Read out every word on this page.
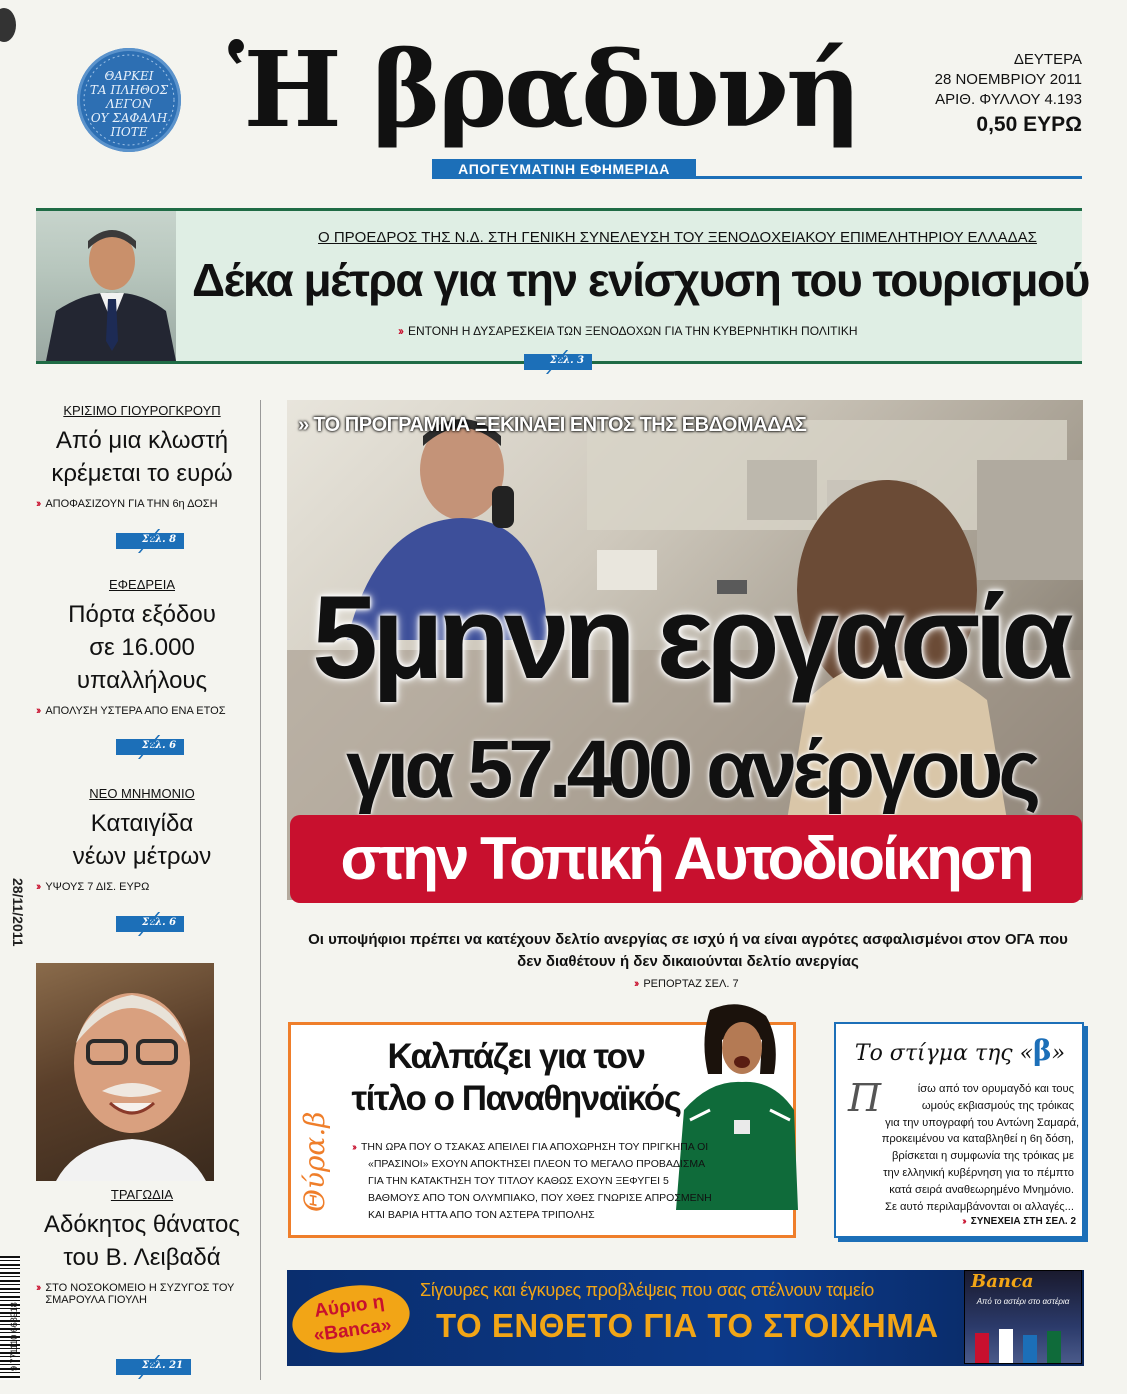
ΘΑΡΚΕΙ
ΤΑ ΠΛΗΘΟΣ
ΛΕΓΟΝ
ΟΥ ΣΑΦΑΛΗ
ΠΟΤΕ Ἡ βραδυνή
ΑΠΟΓΕΥΜΑΤΙΝΗ ΕΦΗΜΕΡΙΔΑ
ΔΕΥΤΕΡΑ
28 ΝΟΕΜΒΡΙΟΥ 2011
ΑΡΙΘ. ΦΥΛΛΟΥ 4.193
0,50 ΕΥΡΩ
Ο ΠΡΟΕΔΡΟΣ ΤΗΣ Ν.Δ. ΣΤΗ ΓΕΝΙΚΗ ΣΥΝΕΛΕΥΣΗ ΤΟΥ ΞΕΝΟΔΟΧΕΙΑΚΟΥ ΕΠΙΜΕΛΗΤΗΡΙΟΥ ΕΛΛΑΔΑΣ
Δέκα μέτρα για την ενίσχυση του τουρισμού
›› ΕΝΤΟΝΗ Η ΔΥΣΑΡΕΣΚΕΙΑ ΤΩΝ ΞΕΝΟΔΟΧΩΝ ΓΙΑ ΤΗΝ ΚΥΒΕΡΝΗΤΙΚΗ ΠΟΛΙΤΙΚΗ
Σελ. 3
28/11/2011
ΚΡΙΣΙΜΟ ΓΙΟΥΡΟΓΚΡΟΥΠ
Από μια κλωστή
κρέμεται το ευρώ
›› ΑΠΟΦΑΣΙΖΟΥΝ ΓΙΑ ΤΗΝ 6η ΔΟΣΗ
Σελ. 8
ΕΦΕΔΡΕΙΑ
Πόρτα εξόδου
σε 16.000
υπαλλήλους
›› ΑΠΟΛΥΣΗ ΥΣΤΕΡΑ ΑΠΟ ΕΝΑ ΕΤΟΣ
Σελ. 6
ΝΕΟ ΜΝΗΜΟΝΙΟ
Καταιγίδα
νέων μέτρων
›› ΥΨΟΥΣ 7 ΔΙΣ. ΕΥΡΩ
Σελ. 6
ΤΡΑΓΩΔΙΑ
Αδόκητος θάνατος
του Β. Λειβαδά
›› ΣΤΟ ΝΟΣΟΚΟΜΕΙΟ Η ΣΥΖΥΓΟΣ ΤΟΥ ΣΜΑΡΟΥΛΑ ΓΙΟΥΛΗ
Σελ. 21
9 771110 668918
›› ΤΟ ΠΡΟΓΡΑΜΜΑ ΞΕΚΙΝΑΕΙ ΕΝΤΟΣ ΤΗΣ ΕΒΔΟΜΑΔΑΣ
5μηνη εργασία
για 57.400 ανέργους
στην Τοπική Αυτοδιοίκηση
Οι υποψήφιοι πρέπει να κατέχουν δελτίο ανεργίας σε ισχύ ή να είναι αγρότες ασφαλισμένοι στον ΟΓΑ που
δεν διαθέτουν ή δεν δικαιούνται δελτίο ανεργίας
›› ΡΕΠΟΡΤΑΖ ΣΕΛ. 7
Θύρα.β
Καλπάζει για τον
τίτλο ο Παναθηναϊκός
›› ΤΗΝ ΩΡΑ ΠΟΥ Ο ΤΣΑΚΑΣ ΑΠΕΙΛΕΙ ΓΙΑ ΑΠΟΧΩΡΗΣΗ ΤΟΥ ΠΡΙΓΚΗΠΑ ΟΙ
«ΠΡΑΣΙΝΟΙ» ΕΧΟΥΝ ΑΠΟΚΤΗΣΕΙ ΠΛΕΟΝ ΤΟ ΜΕΓΑΛΟ ΠΡΟΒΑΔΙΣΜΑ
ΓΙΑ ΤΗΝ ΚΑΤΑΚΤΗΣΗ ΤΟΥ ΤΙΤΛΟΥ ΚΑΘΩΣ ΕΧΟΥΝ ΞΕΦΥΓΕΙ 5
ΒΑΘΜΟΥΣ ΑΠΟ ΤΟΝ ΟΛΥΜΠΙΑΚΟ, ΠΟΥ ΧΘΕΣ ΓΝΩΡΙΣΕ ΑΠΡΟΣΜΕΝΗ
ΚΑΙ ΒΑΡΙΑ ΗΤΤΑ ΑΠΟ ΤΟΝ ΑΣΤΕΡΑ ΤΡΙΠΟΛΗΣ
Το στίγμα της «β»
Π	ίσω από τον ορυμαγδό και τους
ωμούς εκβιασμούς της τρόικας
για την υπογραφή του Αντώνη Σαμαρά,
προκειμένου να καταβληθεί η 6η δόση,
βρίσκεται η συμφωνία της τρόικας με
την ελληνική κυβέρνηση για το πέμπτο
κατά σειρά αναθεωρημένο Μνημόνιο.
Σε αυτό περιλαμβάνονται οι αλλαγές...
›› ΣΥΝΕΧΕΙΑ ΣΤΗ ΣΕΛ. 2
Αύριο η
«Banca»
Σίγουρες και έγκυρες προβλέψεις που σας στέλνουν ταμείο
ΤΟ ΕΝΘΕΤΟ ΓΙΑ ΤΟ ΣΤΟΙΧΗΜΑ
Banca
Από το αστέρι στο αστέρια
